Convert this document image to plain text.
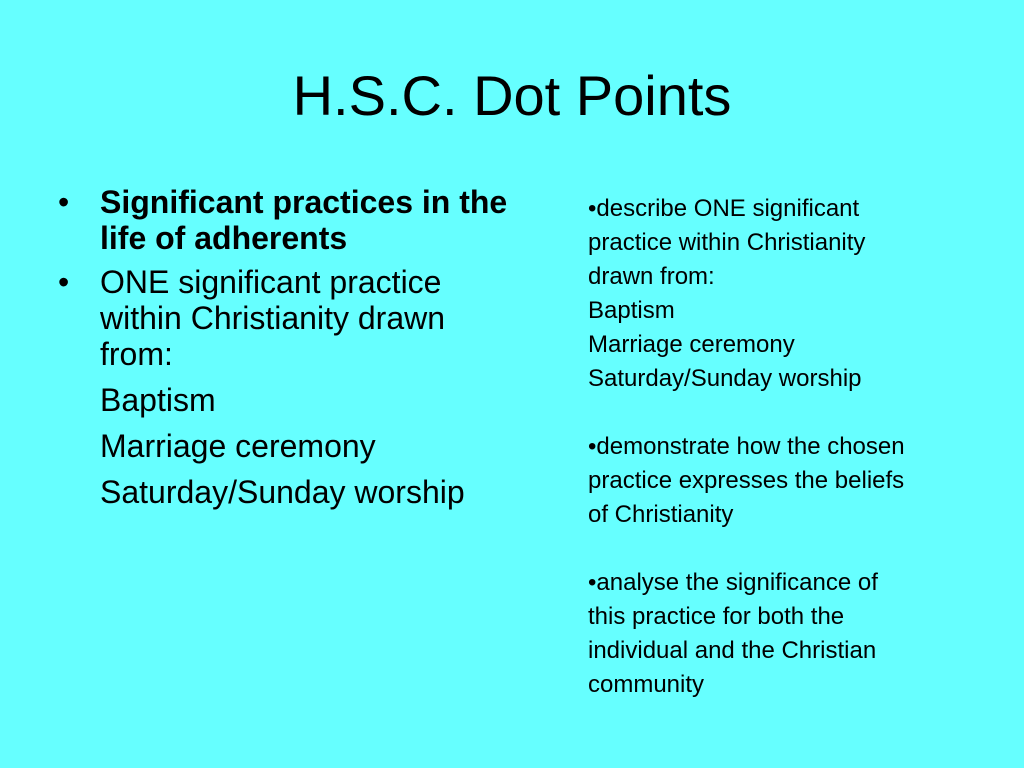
H.S.C. Dot Points
• Significant practices in the life of adherents
• ONE significant practice within Christianity drawn from:
Baptism
Marriage ceremony
Saturday/Sunday worship
•describe ONE significant
practice within Christianity
drawn from:
Baptism
Marriage ceremony
Saturday/Sunday worship
•demonstrate how the chosen
practice expresses the beliefs
of Christianity
•analyse the significance of
this practice for both the
individual and the Christian
community
